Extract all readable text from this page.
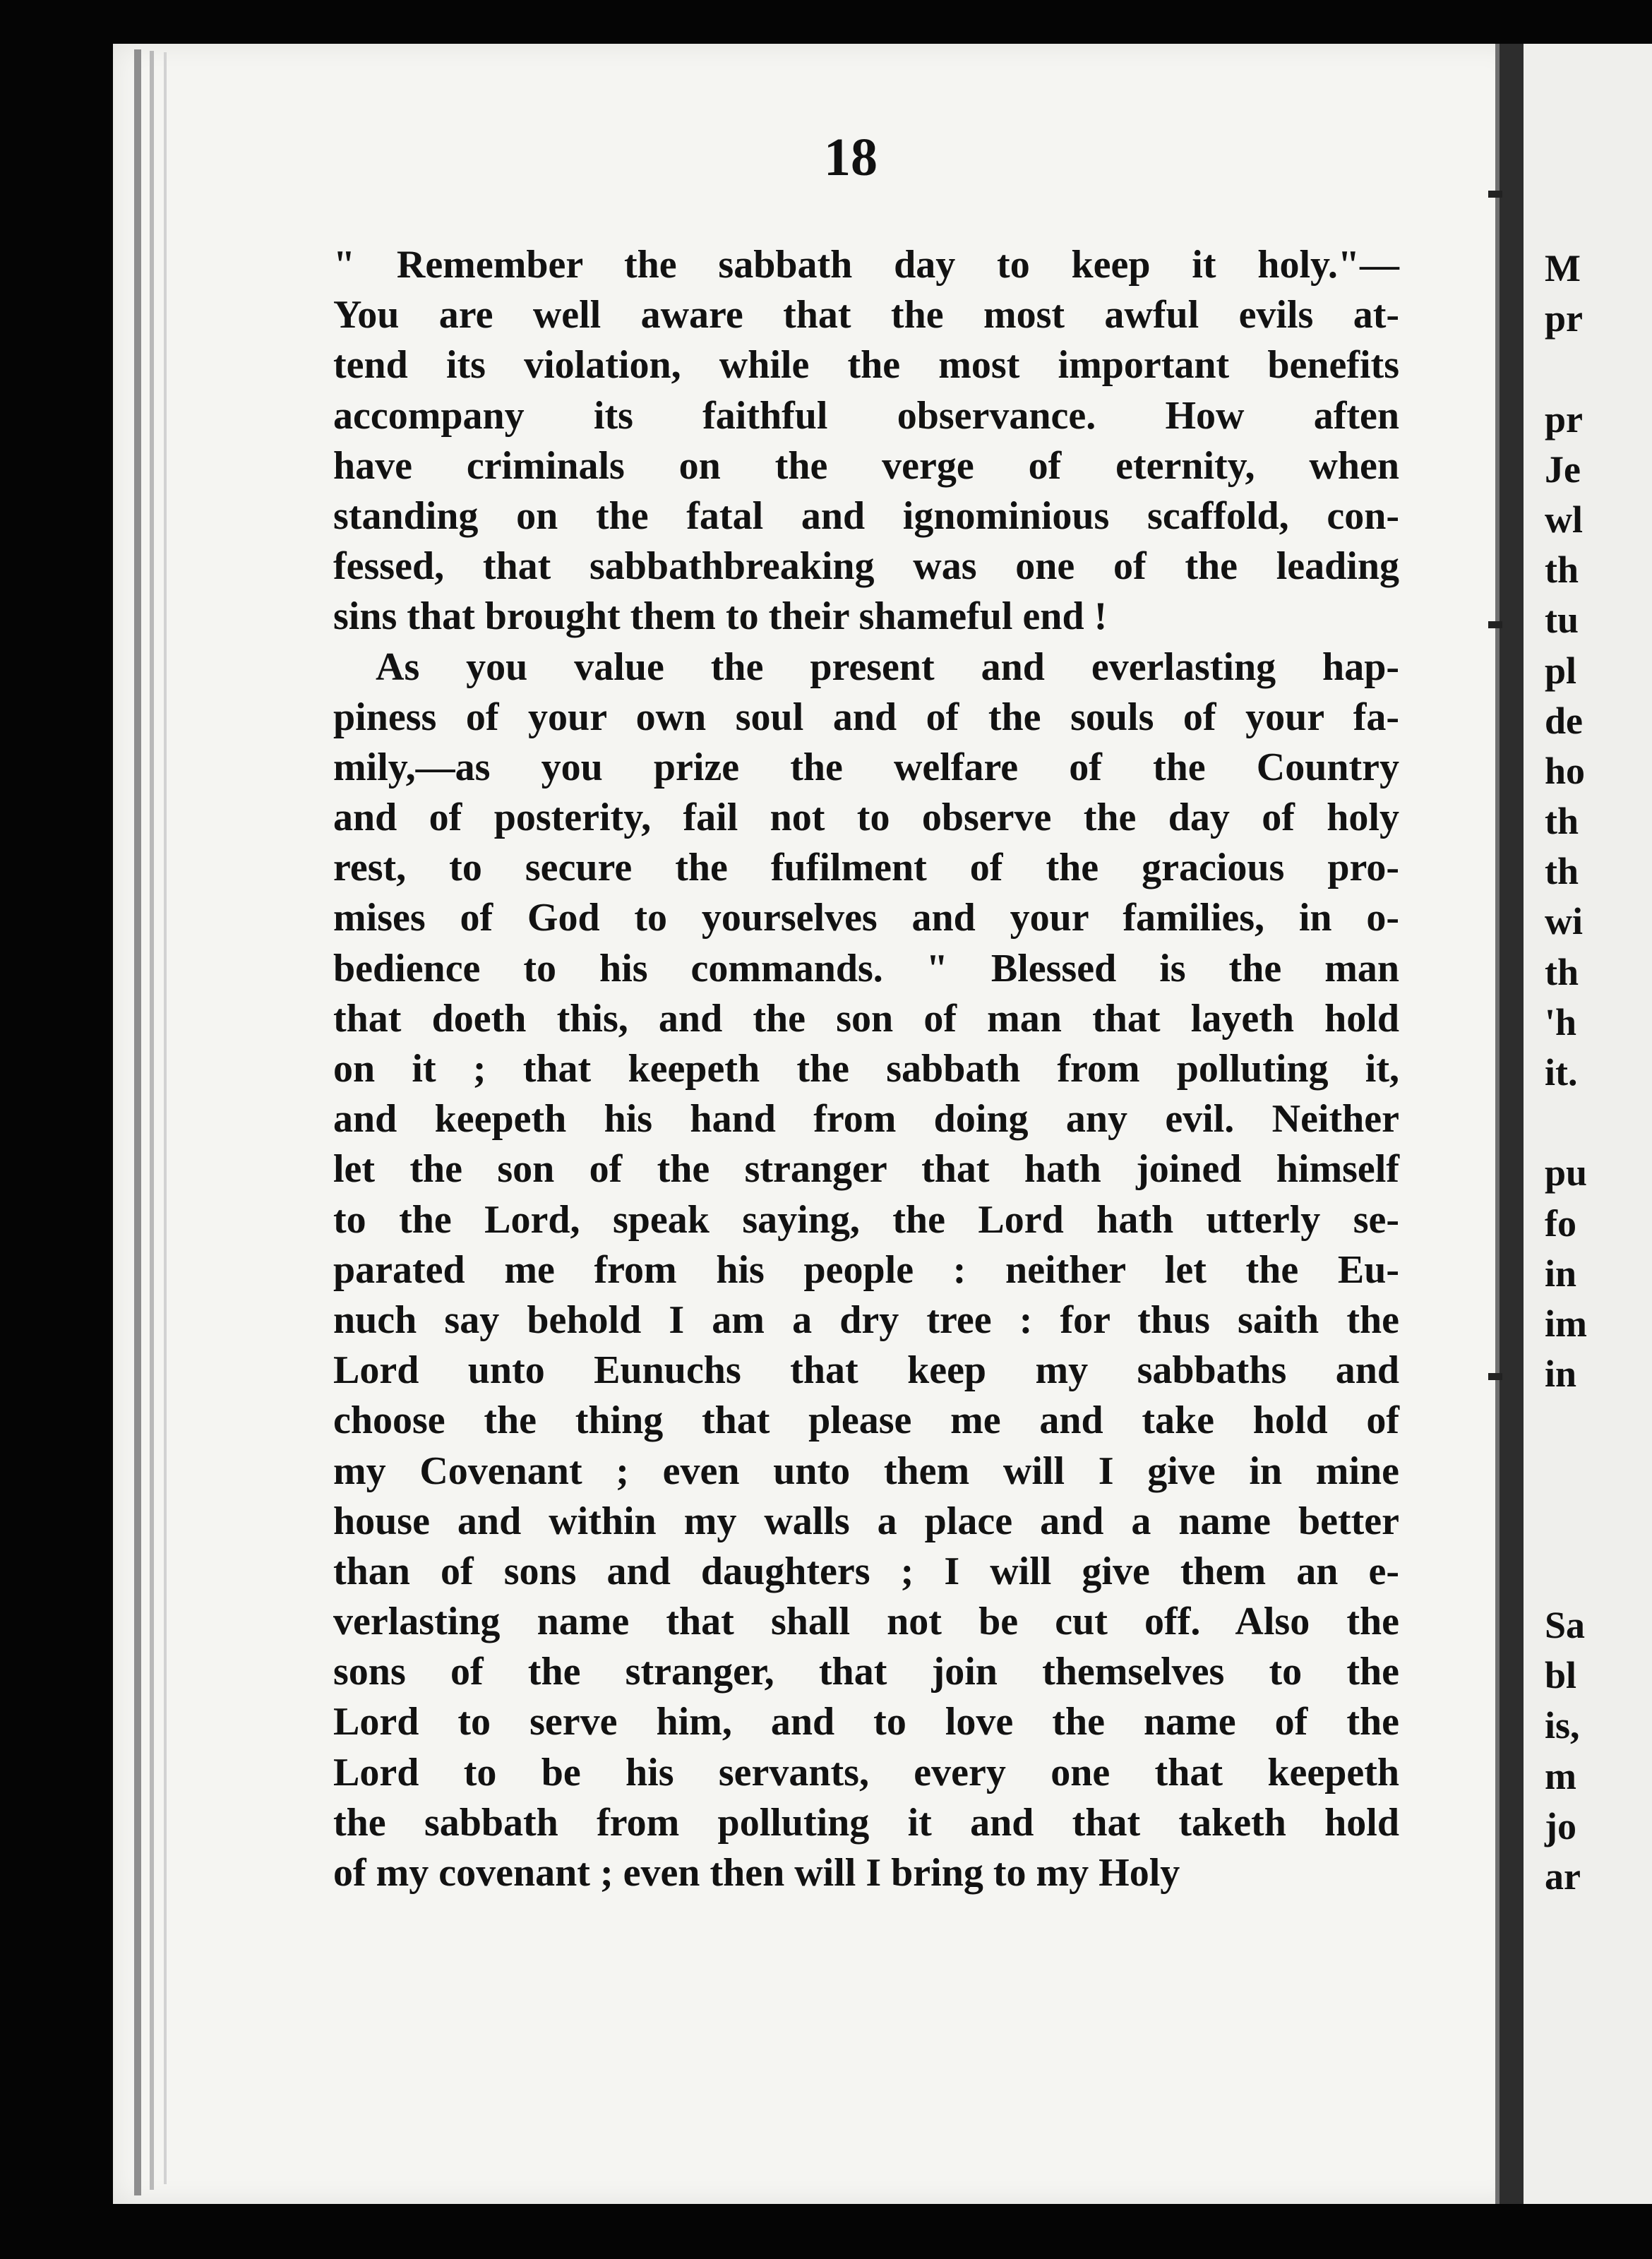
18
" Remember the sabbath day to keep it holy."—
You are well aware that the most awful evils at-
tend its violation, while the most important benefits
accompany its faithful observance. How aften
have criminals on the verge of eternity, when
standing on the fatal and ignominious scaffold, con-
fessed, that sabbathbreaking was one of the leading
sins that brought them to their shameful end !
As you value the present and everlasting hap-
piness of your own soul and of the souls of your fa-
mily,—as you prize the welfare of the Country
and of posterity, fail not to observe the day of holy
rest, to secure the fufilment of the gracious pro-
mises of God to yourselves and your families, in o-
bedience to his commands. " Blessed is the man
that doeth this, and the son of man that layeth hold
on it ; that keepeth the sabbath from polluting it,
and keepeth his hand from doing any evil. Neither
let the son of the stranger that hath joined himself
to the Lord, speak saying, the Lord hath utterly se-
parated me from his people : neither let the Eu-
nuch say behold I am a dry tree : for thus saith the
Lord unto Eunuchs that keep my sabbaths and
choose the thing that please me and take hold of
my Covenant ; even unto them will I give in mine
house and within my walls a place and a name better
than of sons and daughters ; I will give them an e-
verlasting name that shall not be cut off. Also the
sons of the stranger, that join themselves to the
Lord to serve him, and to love the name of the
Lord to be his servants, every one that keepeth
the sabbath from polluting it and that taketh hold
of my covenant ; even then will I bring to my Holy
M
pr
pr
Je
wl
th
tu
pl
de
ho
th
th
wi
th
'h
it.
pu
fo
in
im
in
Sa
bl
is,
m
jo
ar
